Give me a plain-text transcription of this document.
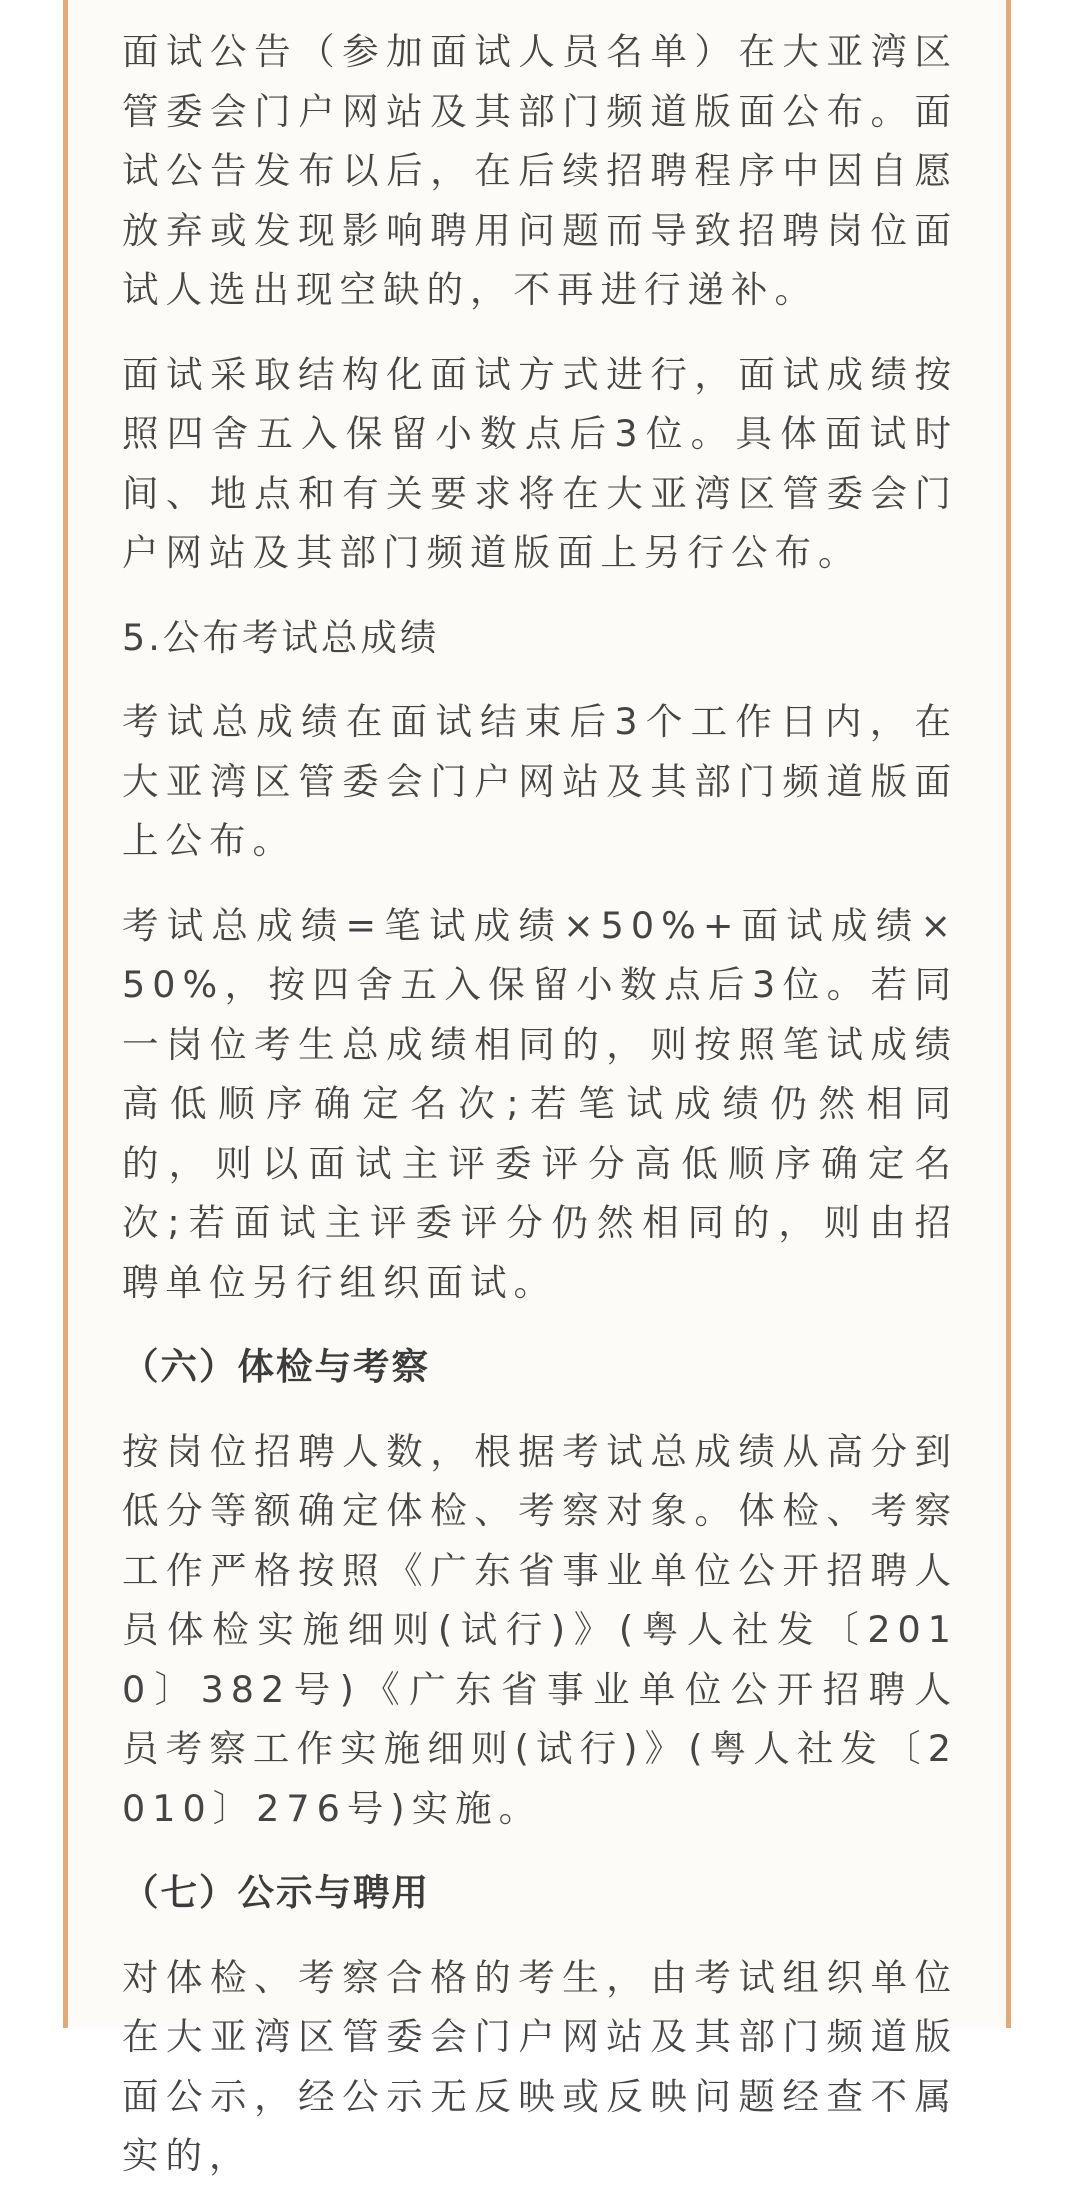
面试公告（参加面试人员名单）在大亚湾区管委会门户网站及其部门频道版面公布。面试公告发布以后，在后续招聘程序中因自愿放弃或发现影响聘用问题而导致招聘岗位面试人选出现空缺的，不再进行递补。

面试采取结构化面试方式进行，面试成绩按照四舍五入保留小数点后3位。具体面试时间、地点和有关要求将在大亚湾区管委会门户网站及其部门频道版面上另行公布。

5.公布考试总成绩

考试总成绩在面试结束后3个工作日内，在大亚湾区管委会门户网站及其部门频道版面上公布。

考试总成绩=笔试成绩×50%+面试成绩×50%，按四舍五入保留小数点后3位。若同一岗位考生总成绩相同的，则按照笔试成绩高低顺序确定名次;若笔试成绩仍然相同的，则以面试主评委评分高低顺序确定名次;若面试主评委评分仍然相同的，则由招聘单位另行组织面试。

（六）体检与考察

按岗位招聘人数，根据考试总成绩从高分到低分等额确定体检、考察对象。体检、考察工作严格按照《广东省事业单位公开招聘人员体检实施细则(试行)》(粤人社发〔2010〕382号)《广东省事业单位公开招聘人员考察工作实施细则(试行)》(粤人社发〔2010〕276号)实施。

（七）公示与聘用

对体检、考察合格的考生，由考试组织单位在大亚湾区管委会门户网站及其部门频道版面公示，经公示无反映或反映问题经查不属实的，
